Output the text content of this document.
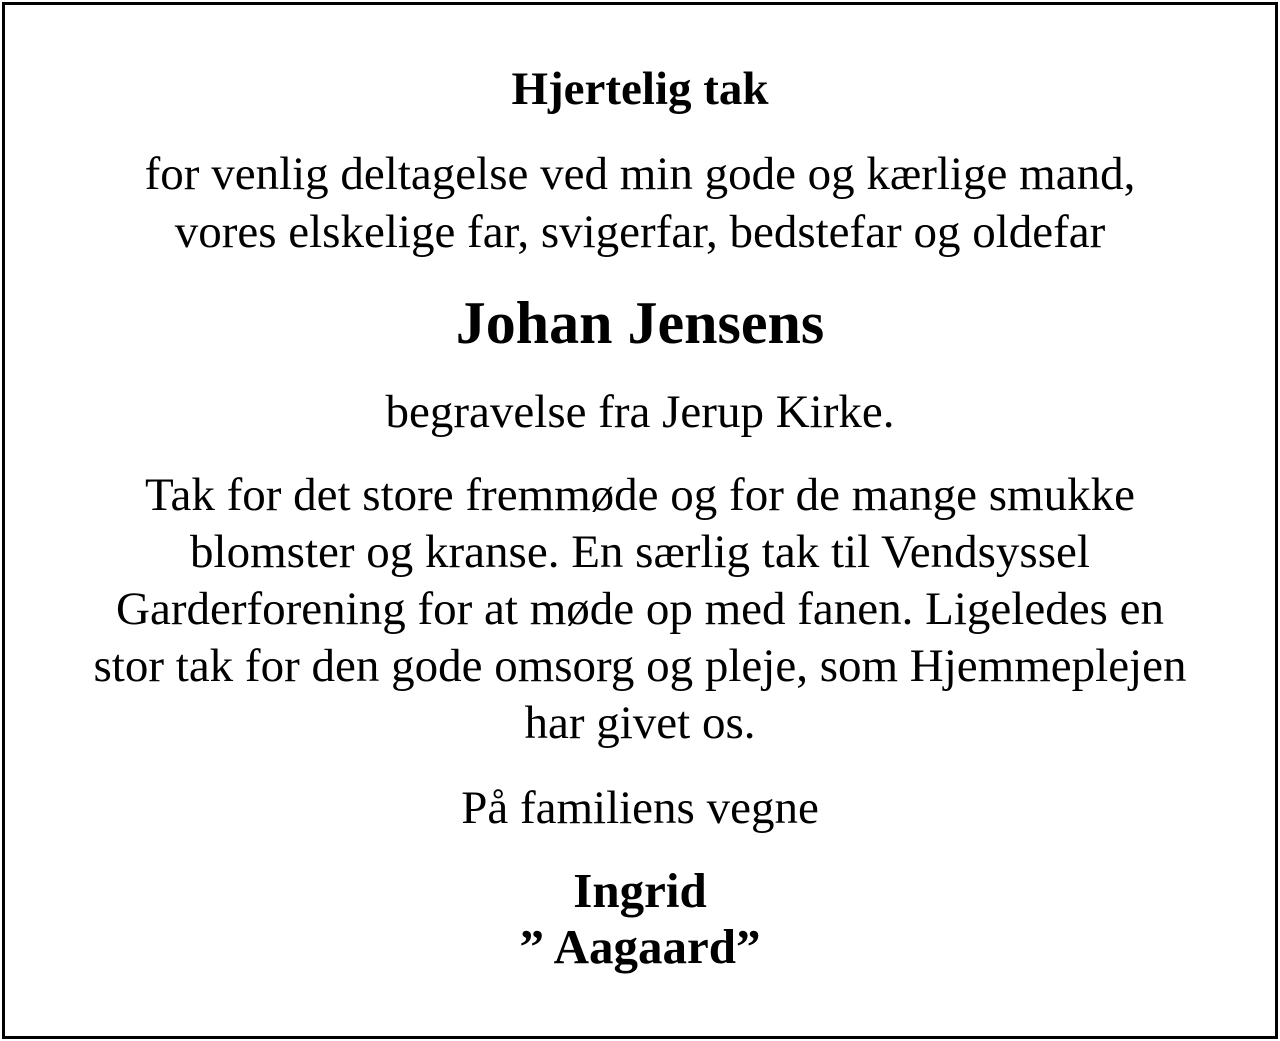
Hjertelig tak

for venlig deltagelse ved min gode og kærlige mand,
vores elskelige far, svigerfar, bedstefar og oldefar

Johan Jensens

begravelse fra Jerup Kirke.

Tak for det store fremmøde og for de mange smukke
blomster og kranse. En særlig tak til Vendsyssel
Garderforening for at møde op med fanen. Ligeledes en
stor tak for den gode omsorg og pleje, som Hjemmeplejen
har givet os.

På familiens vegne

Ingrid
” Aagaard”
